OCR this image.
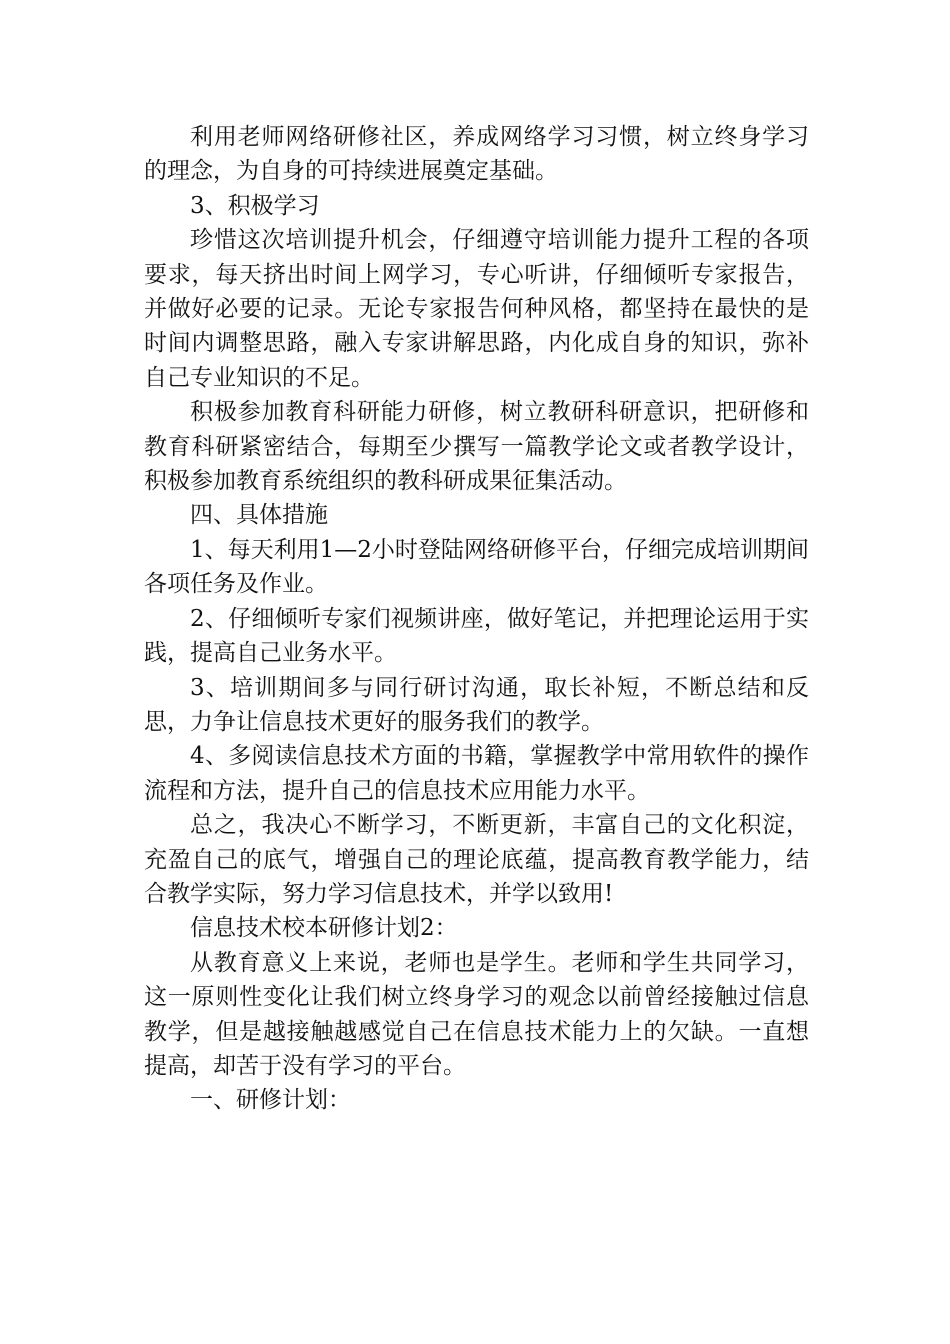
利用老师网络研修社区，养成网络学习习惯，树立终身学习的理念，为自身的可持续进展奠定基础。

3、积极学习

珍惜这次培训提升机会，仔细遵守培训能力提升工程的各项要求，每天挤出时间上网学习，专心听讲，仔细倾听专家报告，并做好必要的记录。无论专家报告何种风格，都坚持在最快的是时间内调整思路，融入专家讲解思路，内化成自身的知识，弥补自己专业知识的不足。

积极参加教育科研能力研修，树立教研科研意识，把研修和教育科研紧密结合，每期至少撰写一篇教学论文或者教学设计，积极参加教育系统组织的教科研成果征集活动。

四、具体措施

1、每天利用1—2小时登陆网络研修平台，仔细完成培训期间各项任务及作业。

2、仔细倾听专家们视频讲座，做好笔记，并把理论运用于实践，提高自己业务水平。

3、培训期间多与同行研讨沟通，取长补短，不断总结和反思，力争让信息技术更好的服务我们的教学。

4、多阅读信息技术方面的书籍，掌握教学中常用软件的操作流程和方法，提升自己的信息技术应用能力水平。

总之，我决心不断学习，不断更新，丰富自己的文化积淀，充盈自己的底气，增强自己的理论底蕴，提高教育教学能力，结合教学实际，努力学习信息技术，并学以致用!

信息技术校本研修计划2：

从教育意义上来说，老师也是学生。老师和学生共同学习，这一原则性变化让我们树立终身学习的观念以前曾经接触过信息教学，但是越接触越感觉自己在信息技术能力上的欠缺。一直想提高，却苦于没有学习的平台。

一、研修计划：
